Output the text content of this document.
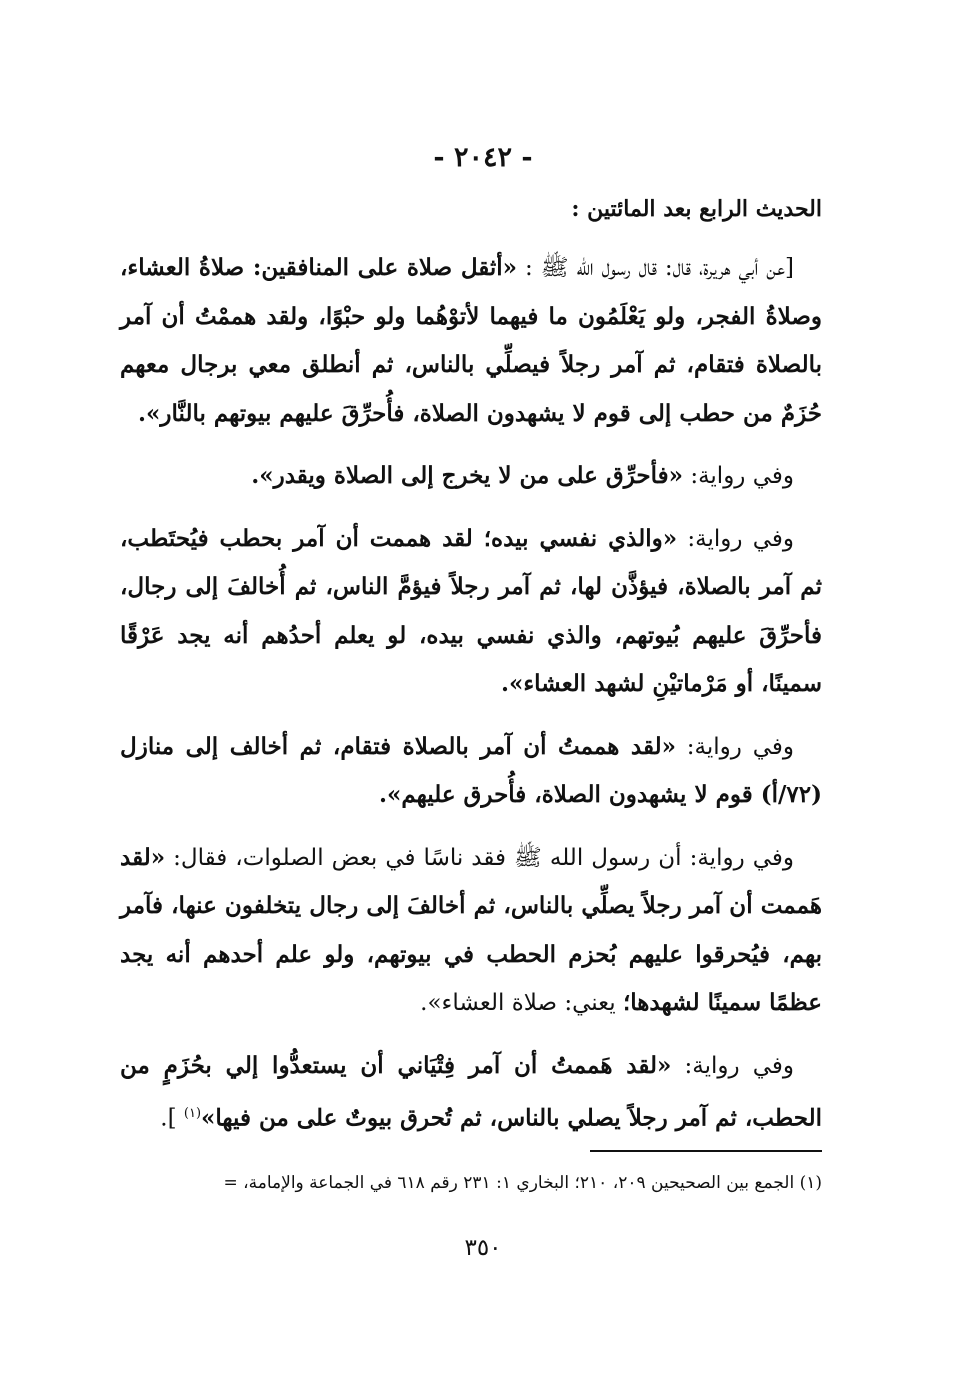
- ٢٠٤٢ -
الحديث الرابع بعد المائتين :

[عن أبي هريرة، قال: قال رسول الله ﷺ : «أثقل صلاة على المنافقين: صلاةُ العشاء، وصلاةُ الفجر، ولو يَعْلَمُون ما فيهما لأتوْهُما ولو حبْوًا، ولقد هممْتُ أن آمر بالصلاة فتقام، ثم آمر رجلاً فيصلِّي بالناس، ثم أنطلق معي برجال معهم حُزَمٌ من حطب إلى قوم لا يشهدون الصلاة، فأُحرِّقَ عليهم بيوتهم بالنَّار».

وفي رواية: «فأحرِّق على من لا يخرج إلى الصلاة ويقدر».

وفي رواية: «والذي نفسي بيده؛ لقد هممت أن آمر بحطب فيُحتَطب، ثم آمر بالصلاة، فيؤذَّن لها، ثم آمر رجلاً فيؤمَّ الناس، ثم أُخالفَ إلى رجال، فأحرِّقَ عليهم بُيوتهم، والذي نفسي بيده، لو يعلم أحدُهم أنه يجد عَرْقًا سمينًا، أو مَرْماتيْنِ لشهد العشاء».

وفي رواية: «لقد هممتُ أن آمر بالصلاة فتقام، ثم أخالف إلى منازل (٧٢/أ) قوم لا يشهدون الصلاة، فأُحرق عليهم».

وفي رواية: أن رسول الله ﷺ فقد ناسًا في بعض الصلوات، فقال: «لقد هَممت أن آمر رجلاً يصلِّي بالناس، ثم أخالفَ إلى رجال يتخلفون عنها، فآمر بهم، فيُحرقوا عليهم بُحزم الحطب في بيوتهم، ولو علم أحدهم أنه يجد عظمًا سمينًا لشهدها؛ يعني: صلاة العشاء».

وفي رواية: «لقد هَممتُ أن آمر فِتْيَاني أن يستعدُّوا إلي بحُزَمٍ من الحطب، ثم آمر رجلاً يصلي بالناس، ثم تُحرق بيوتٌ على من فيها»$^{(١)}$ ].

(١) الجمع بين الصحيحين ٢٠٩، ٢١٠؛ البخاري ١: ٢٣١ رقم ٦١٨ في الجماعة والإمامة، =
٣٥٠
